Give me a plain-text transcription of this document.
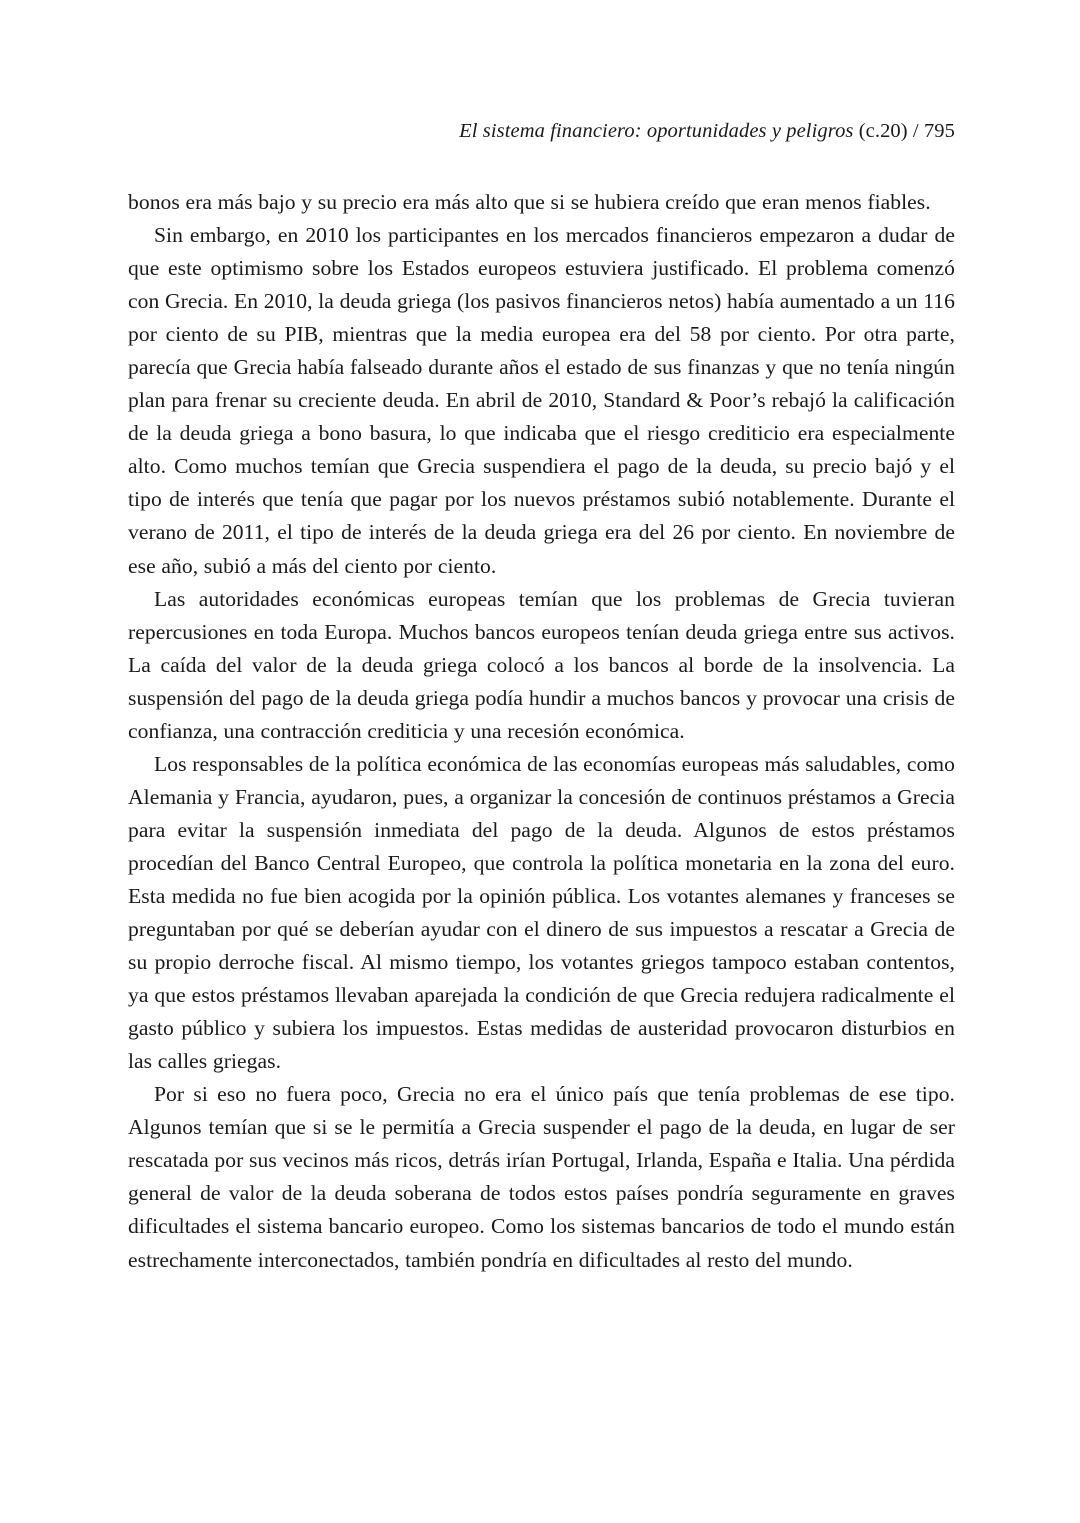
El sistema financiero: oportunidades y peligros (c.20) / 795

bonos era más bajo y su precio era más alto que si se hubiera creído que eran menos fiables.

Sin embargo, en 2010 los participantes en los mercados financieros empezaron a dudar de que este optimismo sobre los Estados europeos estuviera justificado. El problema comenzó con Grecia. En 2010, la deuda griega (los pasivos financieros netos) había aumentado a un 116 por ciento de su PIB, mientras que la media europea era del 58 por ciento. Por otra parte, parecía que Grecia había falseado durante años el estado de sus finanzas y que no tenía ningún plan para frenar su creciente deuda. En abril de 2010, Standard & Poor’s rebajó la calificación de la deuda griega a bono basura, lo que indicaba que el riesgo crediticio era especialmente alto. Como muchos temían que Grecia suspendiera el pago de la deuda, su precio bajó y el tipo de interés que tenía que pagar por los nuevos préstamos subió notablemente. Durante el verano de 2011, el tipo de interés de la deuda griega era del 26 por ciento. En noviembre de ese año, subió a más del ciento por ciento.

Las autoridades económicas europeas temían que los problemas de Grecia tuvieran repercusiones en toda Europa. Muchos bancos europeos tenían deuda griega entre sus activos. La caída del valor de la deuda griega colocó a los bancos al borde de la insolvencia. La suspensión del pago de la deuda griega podía hundir a muchos bancos y provocar una crisis de confianza, una contracción crediticia y una recesión económica.

Los responsables de la política económica de las economías europeas más saludables, como Alemania y Francia, ayudaron, pues, a organizar la concesión de continuos préstamos a Grecia para evitar la suspensión inmediata del pago de la deuda. Algunos de estos préstamos procedían del Banco Central Europeo, que controla la política monetaria en la zona del euro. Esta medida no fue bien acogida por la opinión pública. Los votantes alemanes y franceses se preguntaban por qué se deberían ayudar con el dinero de sus impuestos a rescatar a Grecia de su propio derroche fiscal. Al mismo tiempo, los votantes griegos tampoco estaban contentos, ya que estos préstamos llevaban aparejada la condición de que Grecia redujera radicalmente el gasto público y subiera los impuestos. Estas medidas de austeridad provocaron disturbios en las calles griegas.

Por si eso no fuera poco, Grecia no era el único país que tenía problemas de ese tipo. Algunos temían que si se le permitía a Grecia suspender el pago de la deuda, en lugar de ser rescatada por sus vecinos más ricos, detrás irían Portugal, Irlanda, España e Italia. Una pérdida general de valor de la deuda soberana de todos estos países pondría seguramente en graves dificultades el sistema bancario europeo. Como los sistemas bancarios de todo el mundo están estrechamente interconectados, también pondría en dificultades al resto del mundo.
